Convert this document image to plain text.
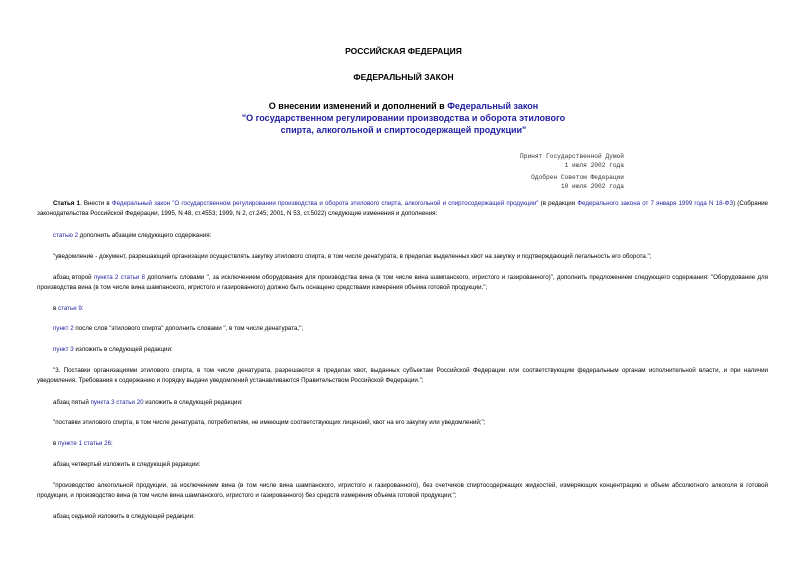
РОССИЙСКАЯ ФЕДЕРАЦИЯ
ФЕДЕРАЛЬНЫЙ ЗАКОН
О внесении изменений и дополнений в Федеральный закон
"О государственном регулировании производства и оборота этилового
спирта, алкогольной и спиртосодержащей продукции"
Принят Государственной Думой
1 июля 2002 года
Одобрен Советом Федерации
10 июля 2002 года
Статья 1. Внести в Федеральный закон "О государственном регулировании производства и оборота этилового спирта, алкогольной и спиртосодержащей продукции" (в редакции Федерального закона от 7 января 1999 года N 18-ФЗ) (Собрание законодательства Российской Федерации, 1995, N 48, ст.4553; 1999, N 2, ст.245; 2001, N 53, ст.5022) следующие изменения и дополнения:
статью 2 дополнить абзацем следующего содержания:
"уведомление - документ, разрешающий организации осуществлять закупку этилового спирта, в том числе денатурата, в пределах выделенных квот на закупку и подтверждающий легальность его оборота.";
абзац второй пункта 2 статьи 8 дополнить словами ", за исключением оборудования для производства вина (в том числе вина шампанского, игристого и газированного)", дополнить предложением следующего содержания: "Оборудование для производства вина (в том числе вина шампанского, игристого и газированного) должно быть оснащено средствами измерения объема готовой продукции.";
в статье 9:
пункт 2 после слов "этилового спирта" дополнить словами ", в том числе денатурата,";
пункт 3 изложить в следующей редакции:
"3. Поставки организациями этилового спирта, в том числе денатурата, разрешаются в пределах квот, выданных субъектам Российской Федерации или соответствующим федеральным органам исполнительной власти, и при наличии уведомления. Требования к содержанию и порядку выдачи уведомлений устанавливаются Правительством Российской Федерации.";
абзац пятый пункта 3 статьи 20 изложить в следующей редакции:
"поставки этилового спирта, в том числе денатурата, потребителям, не имеющим соответствующих лицензий, квот на его закупку или уведомлений;";
в пункте 1 статьи 26:
абзац четвертый изложить в следующей редакции:
"производство алкогольной продукции, за исключением вина (в том числе вина шампанского, игристого и газированного), без счетчиков спиртосодержащих жидкостей, измеряющих концентрацию и объем абсолютного алкоголя в готовой продукции, и производство вина (в том числе вина шампанского, игристого и газированного) без средств измерения объема готовой продукции;";
абзац седьмой изложить в следующей редакции:
